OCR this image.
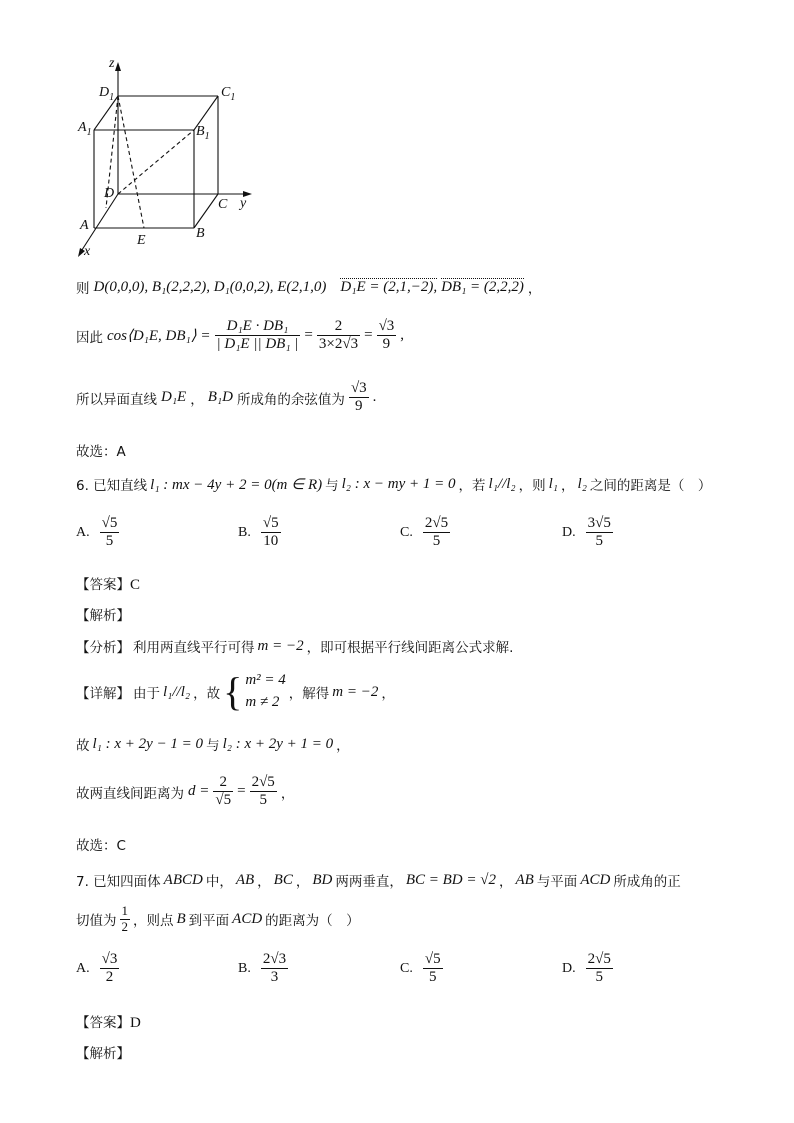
z
$D_1$	$C_1$
$A_1$	$B_1$
D
C y
A
B
E
x
则 D(0,0,0), B₁(2,2,2), D₁(0,0,2), E(2,1,0) D₁E = (2,1,−2), DB₁ = (2,2,2) ，
因此 cos⟨D₁E, DB₁⟩ = $\frac{\text{D₁E · DB₁}}{\text{| D₁E || DB₁ |}} = \frac{2}{3\times 2√3} = \frac{√3}{9}$ ,
所以异面直线 D₁E ， B₁D 所成角的余弦值为 $\frac{√3}{9}$ .
故选：A
6. 已知直线 l₁ : mx − 4y + 2 = 0(m ∈ R) 与 l₂ : x − my + 1 = 0 ，若 l₁//l₂ ，则 l₁ ， l₂ 之间的距离是（　）
A. $\frac{√5}{5}$	B. $\frac{√5}{10}$	C. $\frac{2√5}{5}$	D. $\frac{3√5}{5}$
【答案】C
【解析】
【分析】 利用两直线平行可得 m = −2 ，即可根据平行线间距离公式求解.
【详解】 由于 l₁//l₂ ，故 { m² = 4
m ≠ 2 ，解得 m = −2 ，
故 l₁ : x + 2y − 1 = 0 与 l₂ : x + 2y + 1 = 0 ，
故两直线间距离为 $d = \frac{2}{√5} = \frac{2√5}{5}$ ，
故选：C
7. 已知四面体 ABCD 中， AB ， BC ， BD 两两垂直， BC = BD = √2 ， AB 与平面 ACD 所成角的正
切值为 $\frac{1}{2}$ ，则点 B 到平面 ACD 的距离为（　）
A. $\frac{√3}{2}$	B. $\frac{2√3}{3}$	C. $\frac{√5}{5}$	D. $\frac{2√5}{5}$
【答案】D
【解析】
